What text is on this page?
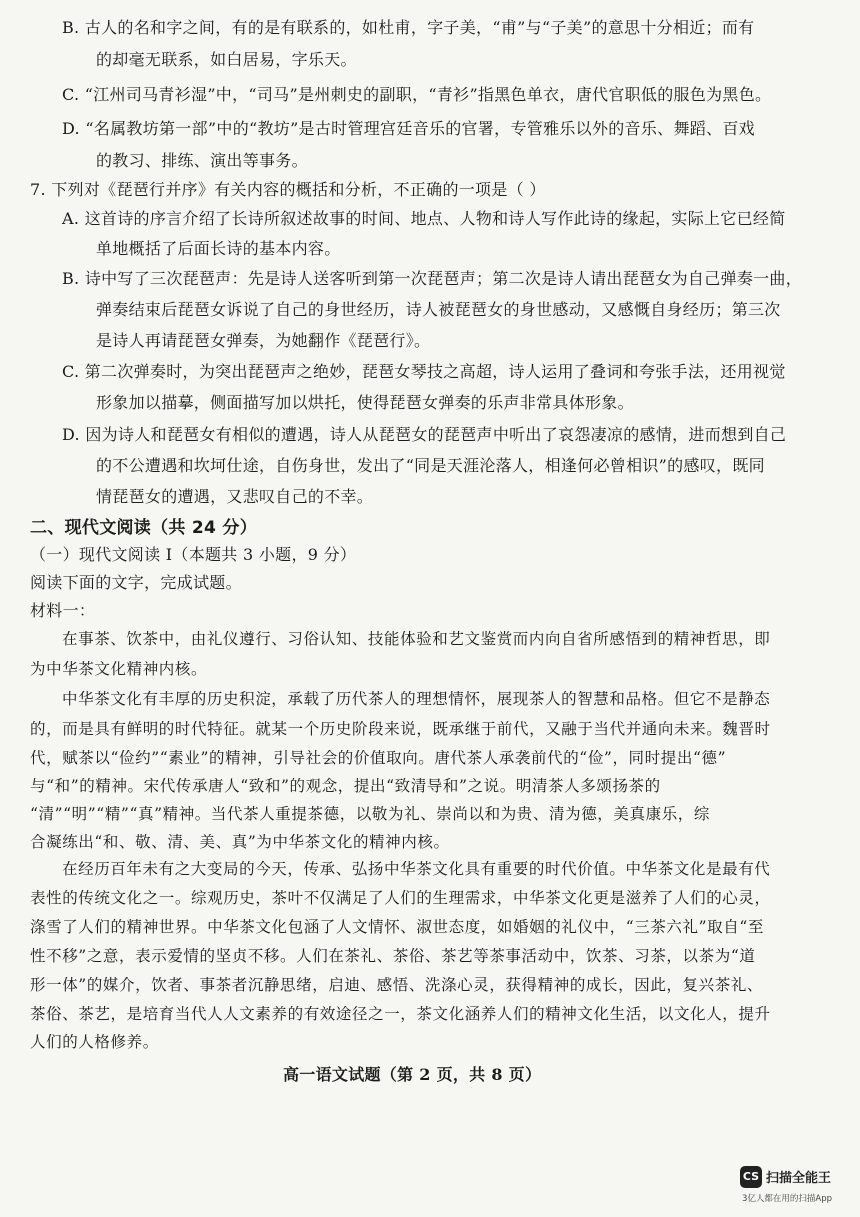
B. 古人的名和字之间，有的是有联系的，如杜甫，字子美，“甫”与“子美”的意思十分相近；而有
的却毫无联系，如白居易，字乐天。
C. “江州司马青衫湿”中，“司马”是州刺史的副职，“青衫”指黑色单衣，唐代官职低的服色为黑色。
D. “名属教坊第一部”中的“教坊”是古时管理宫廷音乐的官署，专管雅乐以外的音乐、舞蹈、百戏
的教习、排练、演出等事务。
7. 下列对《琵琶行并序》有关内容的概括和分析，不正确的一项是（ ）
A. 这首诗的序言介绍了长诗所叙述故事的时间、地点、人物和诗人写作此诗的缘起，实际上它已经简
单地概括了后面长诗的基本内容。
B. 诗中写了三次琵琶声：先是诗人送客听到第一次琵琶声；第二次是诗人请出琵琶女为自己弹奏一曲，
弹奏结束后琵琶女诉说了自己的身世经历，诗人被琵琶女的身世感动，又感慨自身经历；第三次
是诗人再请琵琶女弹奏，为她翻作《琵琶行》。
C. 第二次弹奏时，为突出琵琶声之绝妙，琵琶女琴技之高超，诗人运用了叠词和夸张手法，还用视觉
形象加以描摹，侧面描写加以烘托，使得琵琶女弹奏的乐声非常具体形象。
D. 因为诗人和琵琶女有相似的遭遇，诗人从琵琶女的琵琶声中听出了哀怨凄凉的感情，进而想到自己
的不公遭遇和坎坷仕途，自伤身世，发出了“同是天涯沦落人，相逢何必曾相识”的感叹，既同
情琵琶女的遭遇，又悲叹自己的不幸。
二、现代文阅读（共 24 分）
（一）现代文阅读 I（本题共 3 小题，9 分）
阅读下面的文字，完成试题。
材料一：
在事茶、饮茶中，由礼仪遵行、习俗认知、技能体验和艺文鉴赏而内向自省所感悟到的精神哲思，即
为中华茶文化精神内核。
中华茶文化有丰厚的历史积淀，承载了历代茶人的理想情怀，展现茶人的智慧和品格。但它不是静态
的，而是具有鲜明的时代特征。就某一个历史阶段来说，既承继于前代，又融于当代并通向未来。魏晋时
代，赋茶以“俭约”“素业”的精神，引导社会的价值取向。唐代茶人承袭前代的“俭”，同时提出“德”
与“和”的精神。宋代传承唐人“致和”的观念，提出“致清导和”之说。明清茶人多颂扬茶的
“清”“明”“精”“真”精神。当代茶人重提茶德，以敬为礼、崇尚以和为贵、清为德，美真康乐，综
合凝练出“和、敬、清、美、真”为中华茶文化的精神内核。
在经历百年未有之大变局的今天，传承、弘扬中华茶文化具有重要的时代价值。中华茶文化是最有代
表性的传统文化之一。综观历史，茶叶不仅满足了人们的生理需求，中华茶文化更是滋养了人们的心灵，
涤雪了人们的精神世界。中华茶文化包涵了人文情怀、淑世态度，如婚姻的礼仪中，“三茶六礼”取自“至
性不移”之意，表示爱情的坚贞不移。人们在茶礼、茶俗、茶艺等茶事活动中，饮茶、习茶，以茶为“道
形一体”的媒介，饮者、事茶者沉静思绪，启迪、感悟、洗涤心灵，获得精神的成长，因此，复兴茶礼、
茶俗、茶艺，是培育当代人人文素养的有效途径之一，茶文化涵养人们的精神文化生活，以文化人，提升
人们的人格修养。
高一语文试题（第 2 页，共 8 页）
CS 扫描全能王
3亿人都在用的扫描App
